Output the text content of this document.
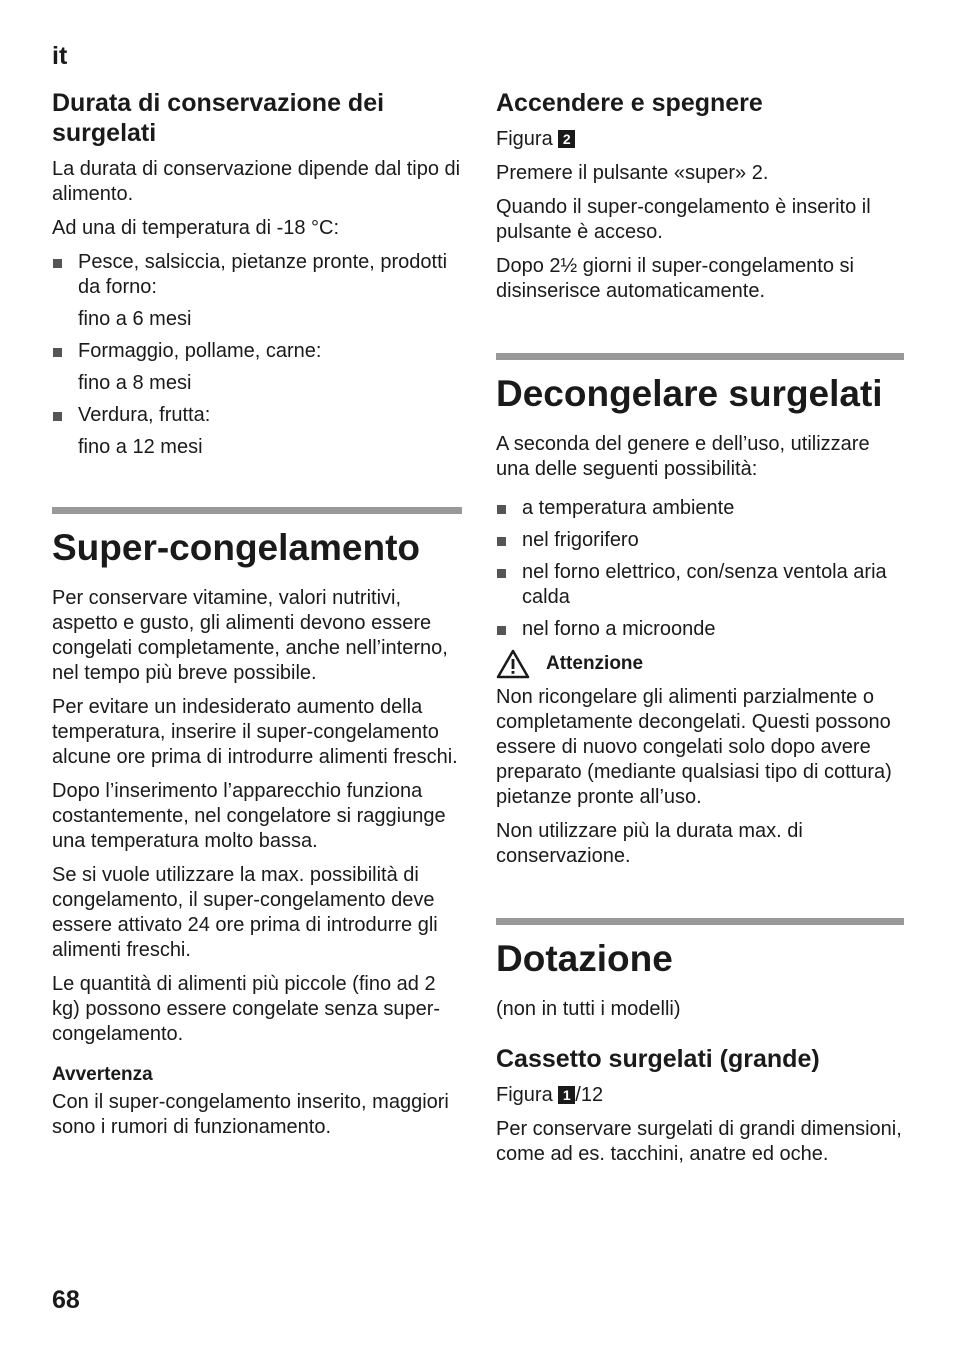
it
Durata di conservazione dei surgelati

La durata di conservazione dipende dal tipo di alimento.

Ad una di temperatura di -18 °C:

Pesce, salsiccia, pietanze pronte, prodotti da forno:
fino a 6 mesi
Formaggio, pollame, carne:
fino a 8 mesi
Verdura, frutta:
fino a 12 mesi
Super-congelamento

Per conservare vitamine, valori nutritivi, aspetto e gusto, gli alimenti devono essere congelati completamente, anche nell’interno, nel tempo più breve possibile.

Per evitare un indesiderato aumento della temperatura, inserire il super-congelamento alcune ore prima di introdurre alimenti freschi.

Dopo l’inserimento l’apparecchio funziona costantemente, nel congelatore si raggiunge una temperatura molto bassa.

Se si vuole utilizzare la max. possibilità di congelamento, il super-congelamento deve essere attivato 24 ore prima di introdurre gli alimenti freschi.

Le quantità di alimenti più piccole (fino ad 2 kg) possono essere congelate senza super-congelamento.

Avvertenza

Con il super-congelamento inserito, maggiori sono i rumori di funzionamento.

Accendere e spegnere

Figura 2

Premere il pulsante «super» 2.

Quando il super-congelamento è inserito il pulsante è acceso.

Dopo 2½ giorni il super-congelamento si disinserisce automaticamente.

Decongelare surgelati

A seconda del genere e dell’uso, utilizzare una delle seguenti possibilità:

a temperatura ambiente
nel frigorifero
nel forno elettrico, con/senza ventola aria calda
nel forno a microonde
Attenzione

Non ricongelare gli alimenti parzialmente o completamente decongelati. Questi possono essere di nuovo congelati solo dopo avere preparato (mediante qualsiasi tipo di cottura) pietanze pronte all’uso.

Non utilizzare più la durata max. di conservazione.

Dotazione

(non in tutti i modelli)

Cassetto surgelati (grande)

Figura 1 /12

Per conservare surgelati di grandi dimensioni, come ad es. tacchini, anatre ed oche.

68
